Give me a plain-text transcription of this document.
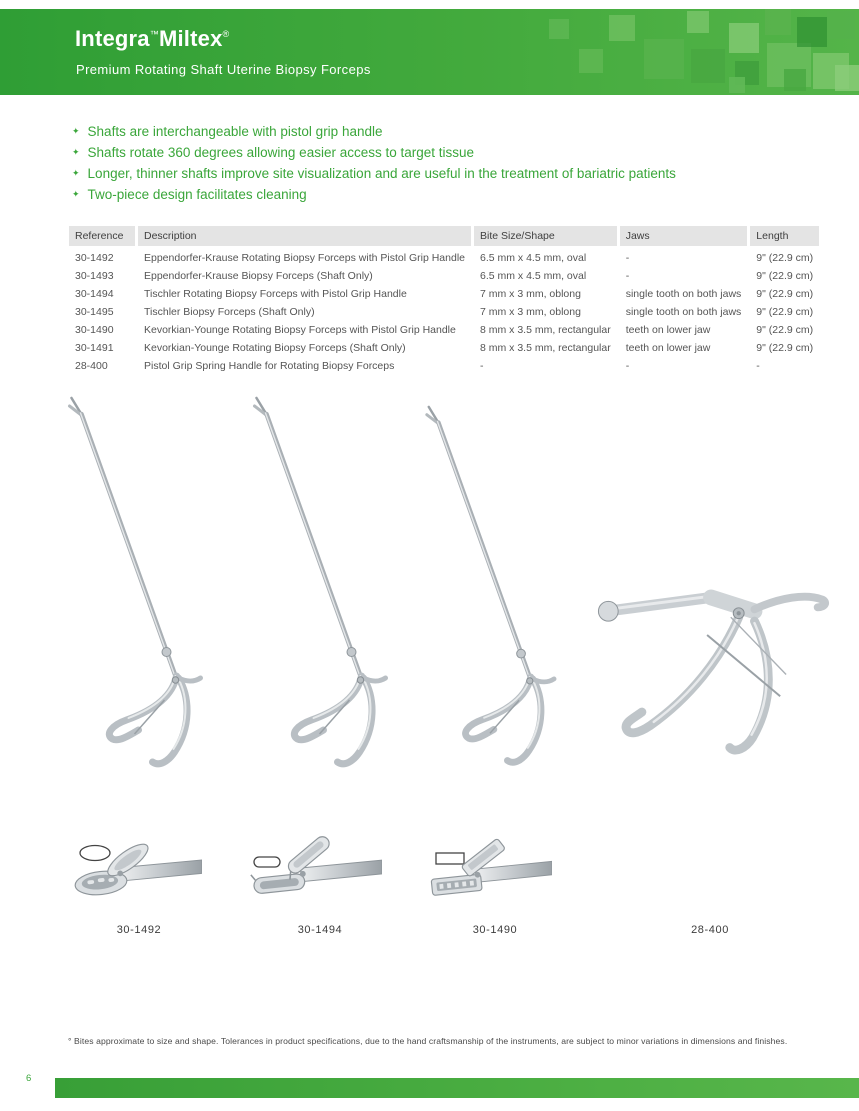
Integra™Miltex®
Premium Rotating Shaft Uterine Biopsy Forceps
✦ Shafts are interchangeable with pistol grip handle
✦ Shafts rotate 360 degrees allowing easier access to target tissue
✦ Longer, thinner shafts improve site visualization and are useful in the treatment of bariatric patients
✦ Two-piece design facilitates cleaning
Reference	Description	Bite Size/Shape	Jaws	Length
30-1492	Eppendorfer-Krause Rotating Biopsy Forceps with Pistol Grip Handle	6.5 mm x 4.5 mm, oval	-	9" (22.9 cm)
30-1493	Eppendorfer-Krause Biopsy Forceps (Shaft Only)	6.5 mm x 4.5 mm, oval	-	9" (22.9 cm)
30-1494	Tischler Rotating Biopsy Forceps with Pistol Grip Handle	7 mm x 3 mm, oblong	single tooth on both jaws	9" (22.9 cm)
30-1495	Tischler Biopsy Forceps (Shaft Only)	7 mm x 3 mm, oblong	single tooth on both jaws	9" (22.9 cm)
30-1490	Kevorkian-Younge Rotating Biopsy Forceps with Pistol Grip Handle	8 mm x 3.5 mm, rectangular	teeth on lower jaw	9" (22.9 cm)
30-1491	Kevorkian-Younge Rotating Biopsy Forceps (Shaft Only)	8 mm x 3.5 mm, rectangular	teeth on lower jaw	9" (22.9 cm)
28-400	Pistol Grip Spring Handle for Rotating Biopsy Forceps	-	-	-
30-1492	30-1494	30-1490	28-400
° Bites approximate to size and shape. Tolerances in product specifications, due to the hand craftsmanship of the instruments, are subject to minor variations in dimensions and finishes.
6
